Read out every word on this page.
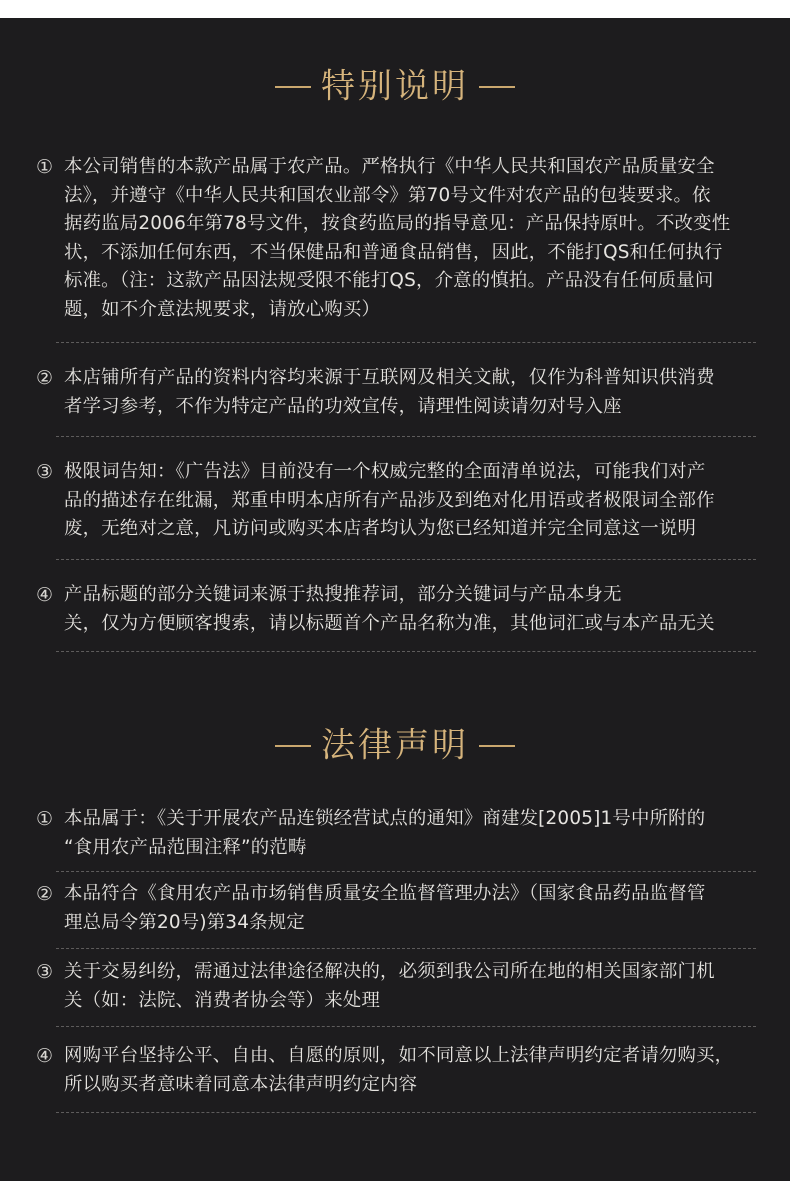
特别说明
① 本公司销售的本款产品属于农产品。严格执行《中华人民共和国农产品质量安全
法》，并遵守《中华人民共和国农业部令》第70号文件对农产品的包装要求。依
据药监局2006年第78号文件，按食药监局的指导意见：产品保持原叶。不改变性
状，不添加任何东西，不当保健品和普通食品销售，因此，不能打QS和任何执行
标准。（注：这款产品因法规受限不能打QS，介意的慎拍。产品没有任何质量问
题，如不介意法规要求，请放心购买）
② 本店铺所有产品的资料内容均来源于互联网及相关文献，仅作为科普知识供消费
者学习参考，不作为特定产品的功效宣传，请理性阅读请勿对号入座
③ 极限词告知：《广告法》目前没有一个权威完整的全面清单说法，可能我们对产
品的描述存在纰漏，郑重申明本店所有产品涉及到绝对化用语或者极限词全部作
废，无绝对之意，凡访问或购买本店者均认为您已经知道并完全同意这一说明
④ 产品标题的部分关键词来源于热搜推荐词，部分关键词与产品本身无
关，仅为方便顾客搜索，请以标题首个产品名称为准，其他词汇或与本产品无关
法律声明
① 本品属于：《关于开展农产品连锁经营试点的通知》商建发[2005]1号中所附的
“食用农产品范围注释”的范畴
② 本品符合《食用农产品市场销售质量安全监督管理办法》（国家食品药品监督管
理总局令第20号)第34条规定
③ 关于交易纠纷，需通过法律途径解决的，必须到我公司所在地的相关国家部门机
关（如：法院、消费者协会等）来处理
④ 网购平台坚持公平、自由、自愿的原则，如不同意以上法律声明约定者请勿购买，
所以购买者意味着同意本法律声明约定内容
